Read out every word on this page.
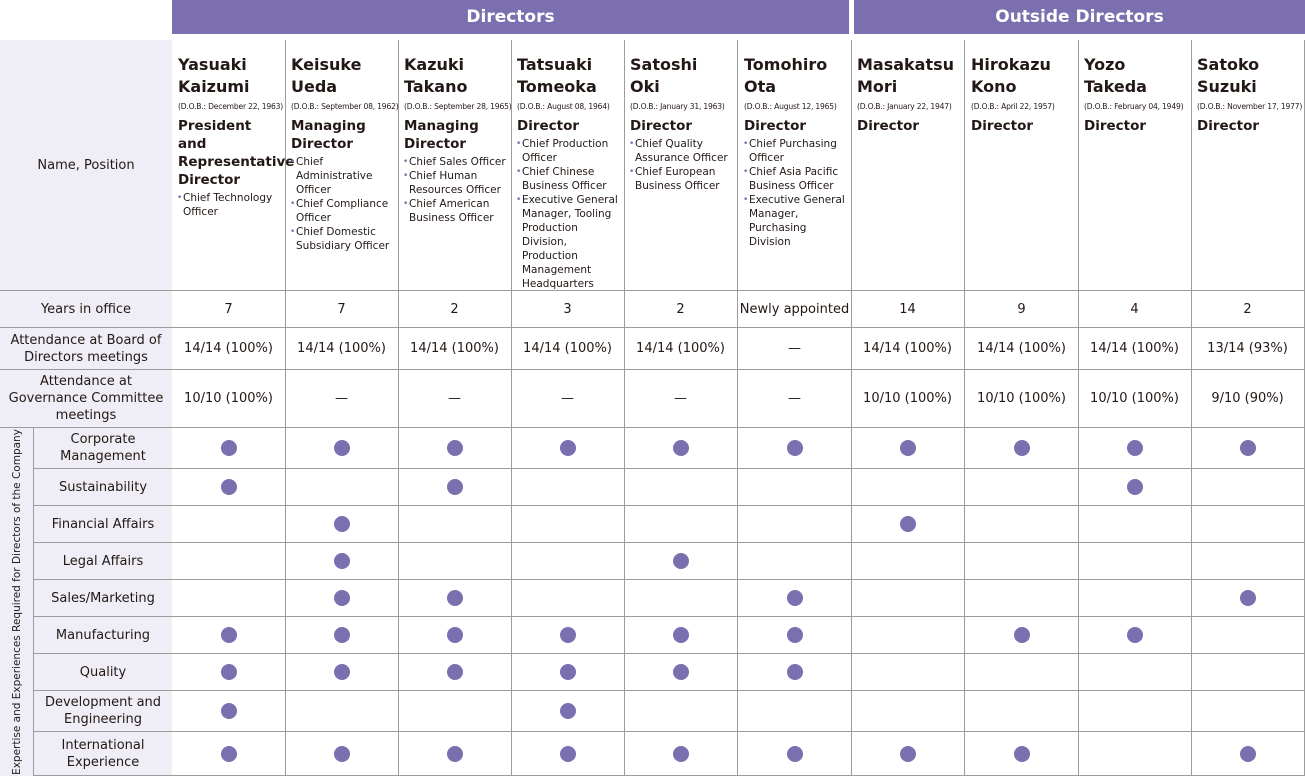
Directors	Outside Directors
Name, Position
Years in office
Attendance at Board of Directors meetings
Attendance at Governance Committee meetings
Expertise and Experiences Required for Directors of the Company	Corporate Management
Sustainability
Financial Affairs
Legal Affairs
Sales/Marketing
Manufacturing
Quality
Development and Engineering
International Experience
Yasuaki
Kaizumi
(D.O.B.: December 22, 1963)
President and Representative Director
• Chief Technology Officer
7
14/14 (100%)
10/10 (100%)
Keisuke
Ueda
(D.O.B.: September 08, 1962)
Managing Director
• Chief Administrative Officer
• Chief Compliance Officer
• Chief Domestic Subsidiary Officer
7
14/14 (100%)
—
Kazuki
Takano
(D.O.B.: September 28, 1965)
Managing Director
• Chief Sales Officer
• Chief Human Resources Officer
• Chief American Business Officer
2
14/14 (100%)
—
Tatsuaki
Tomeoka
(D.O.B.: August 08, 1964)
Director
• Chief Production Officer
• Chief Chinese Business Officer
• Executive General Manager, Tooling Production Division, Production Management Headquarters
3
14/14 (100%)
—
Satoshi
Oki
(D.O.B.: January 31, 1963)
Director
• Chief Quality Assurance Officer
• Chief European Business Officer
2
14/14 (100%)
—
Tomohiro
Ota
(D.O.B.: August 12, 1965)
Director
• Chief Purchasing Officer
• Chief Asia Pacific Business Officer
• Executive General Manager, Purchasing Division
Newly appointed
—
—
Masakatsu
Mori
(D.O.B.: January 22, 1947)
Director
14
14/14 (100%)
10/10 (100%)
Hirokazu
Kono
(D.O.B.: April 22, 1957)
Director
9
14/14 (100%)
10/10 (100%)
Yozo
Takeda
(D.O.B.: February 04, 1949)
Director
4
14/14 (100%)
10/10 (100%)
Satoko
Suzuki
(D.O.B.: November 17, 1977)
Director
2
13/14 (93%)
9/10 (90%)
